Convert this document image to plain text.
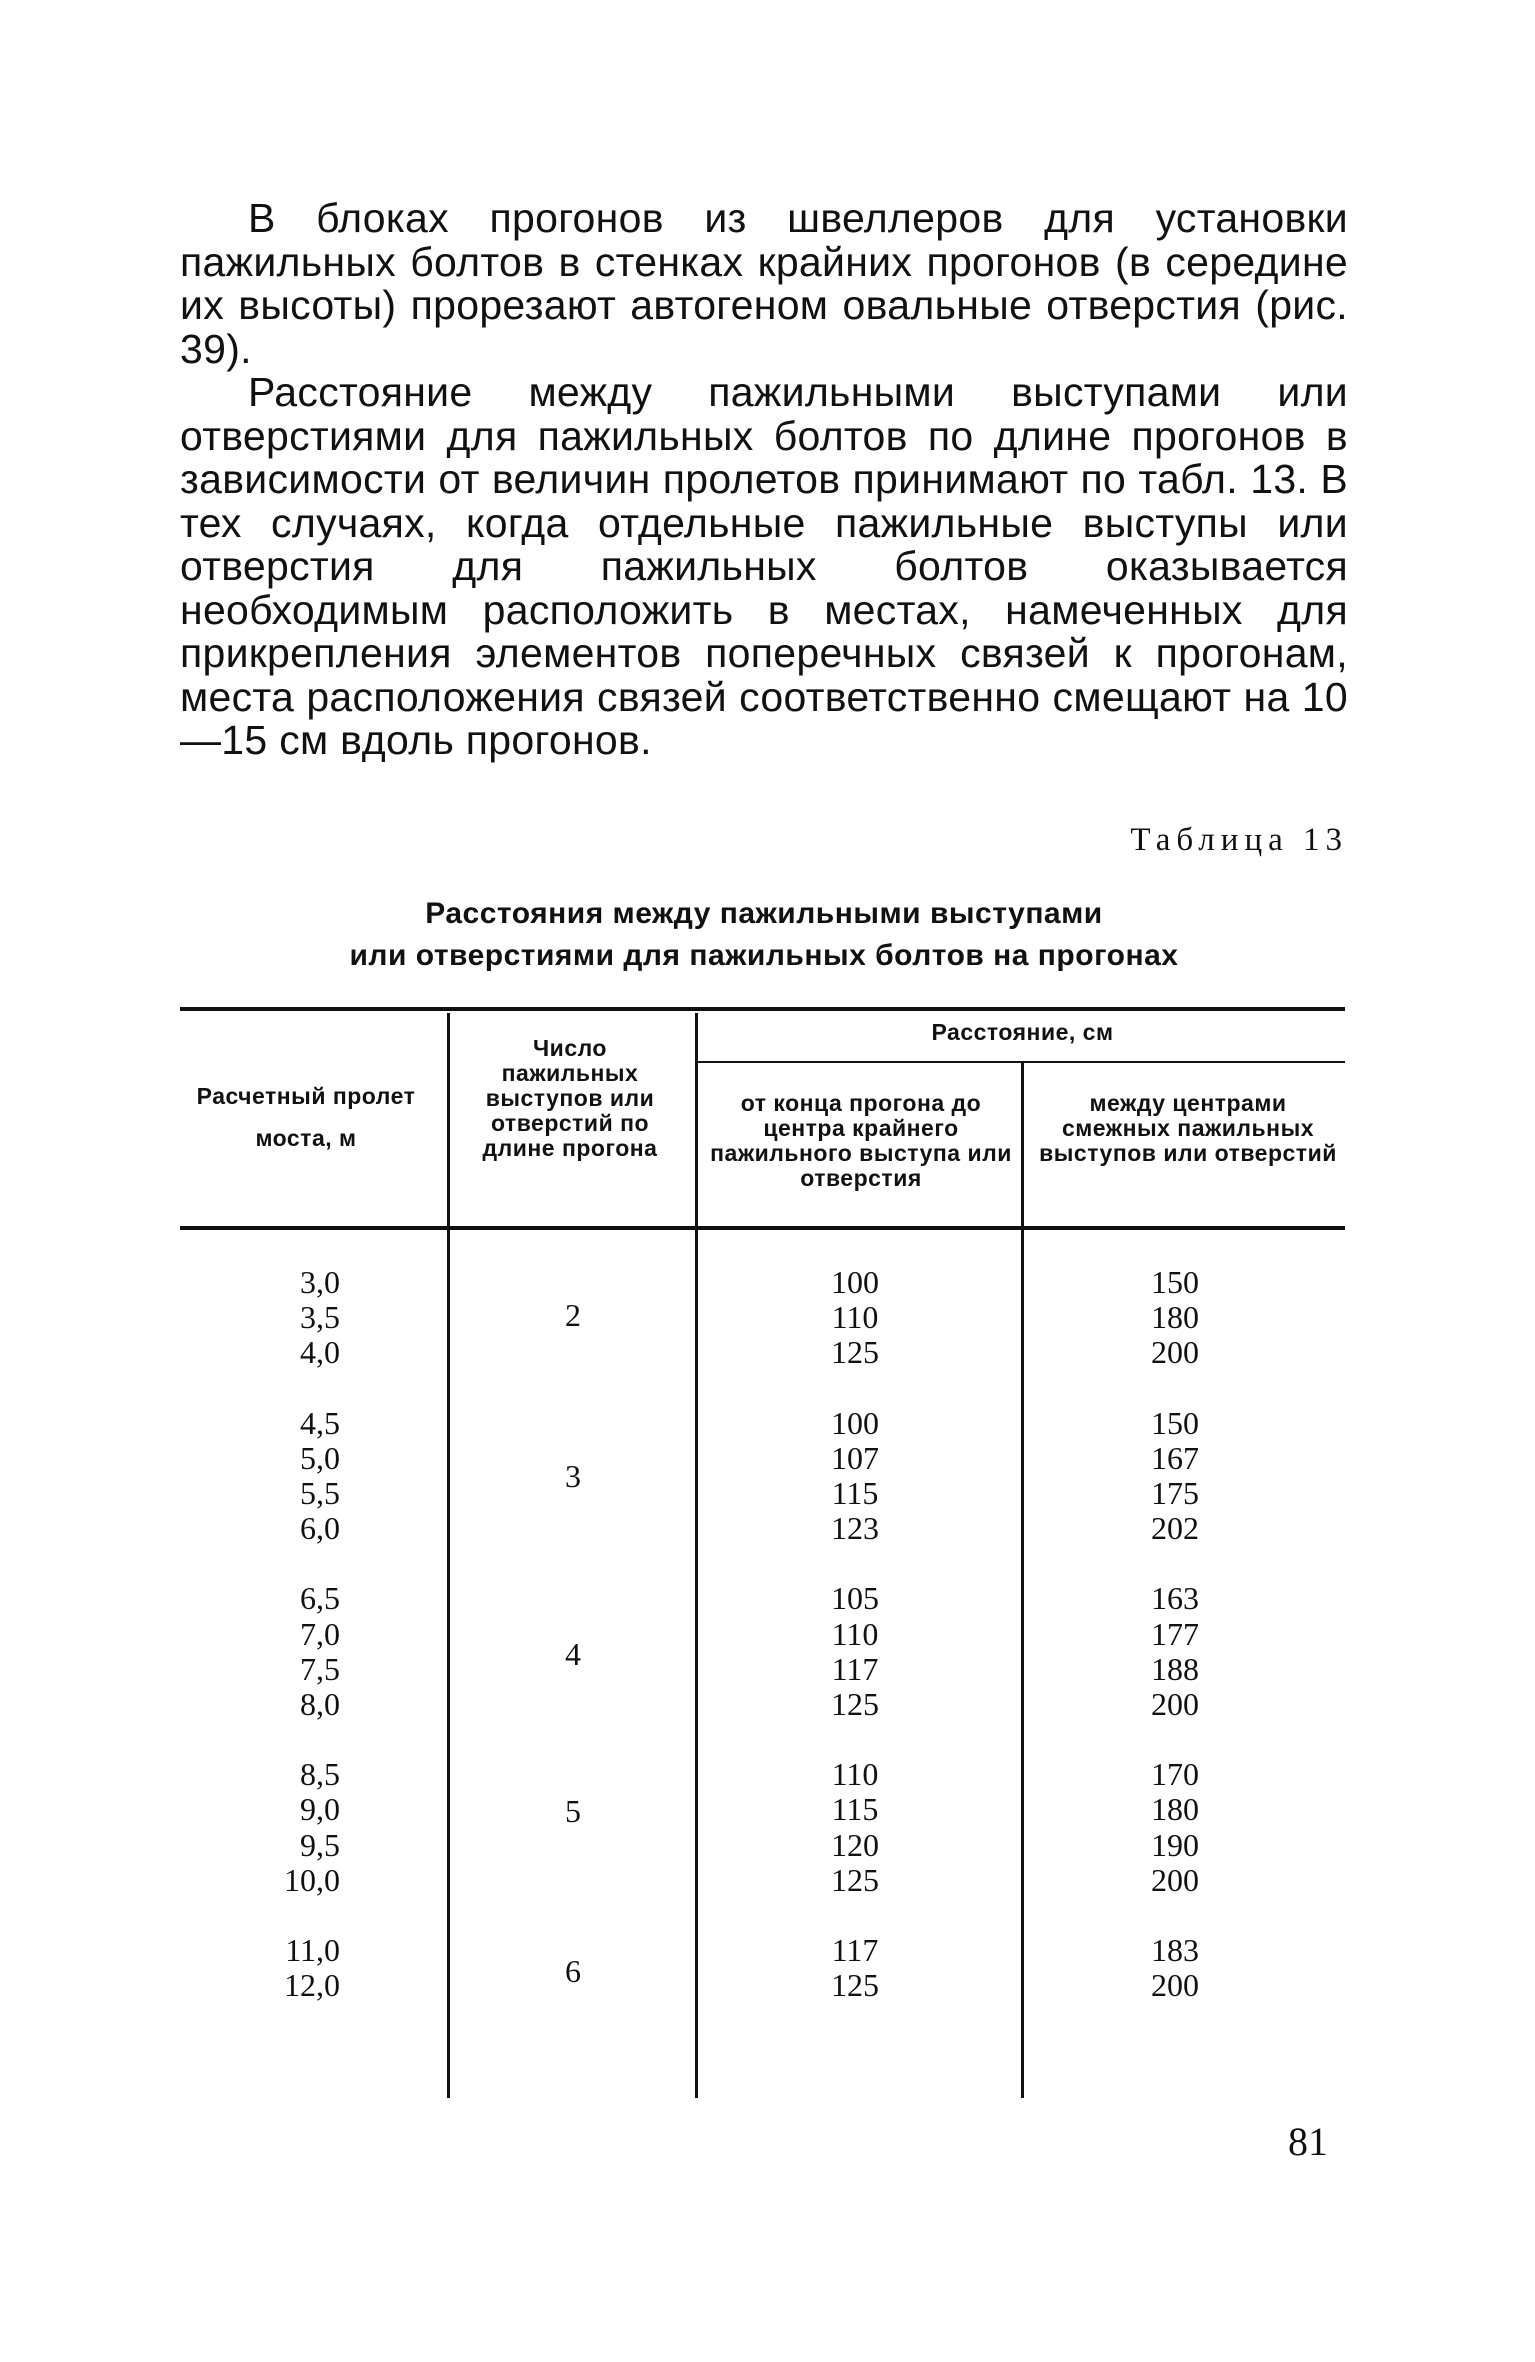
В блоках прогонов из швеллеров для установки пажильных болтов в стенках крайних прогонов (в середине их высоты) прорезают автогеном овальные отверстия (рис. 39).

Расстояние между пажильными выступами или отверстиями для пажильных болтов по длине прогонов в зависимости от величин пролетов принимают по табл. 13. В тех случаях, когда отдельные пажильные выступы или отверстия для пажильных болтов оказывается необходимым расположить в местах, намеченных для прикрепления элементов поперечных связей к прогонам, места расположения связей соответственно смещают на 10—15 см вдоль прогонов.

Таблица 13
Расстояния между пажильными выступами
или отверстиями для пажильных болтов на прогонах
Расчетный пролет моста, м
Число пажильных выступов или отверстий по длине прогона
Расстояние, см
от конца прогона до центра крайнего пажильного выступа или отверстия
между центрами смежных пажильных выступов или отверстий
3,0
3,5
4,0
4,5
5,0
5,5
6,0
6,5
7,0
7,5
8,0
8,5
9,0
9,5
10,0
11,0
12,0
2
3
4
5
6
100
110
125
100
107
115
123
105
110
117
125
110
115
120
125
117
125
150
180
200
150
167
175
202
163
177
188
200
170
180
190
200
183
200
81
